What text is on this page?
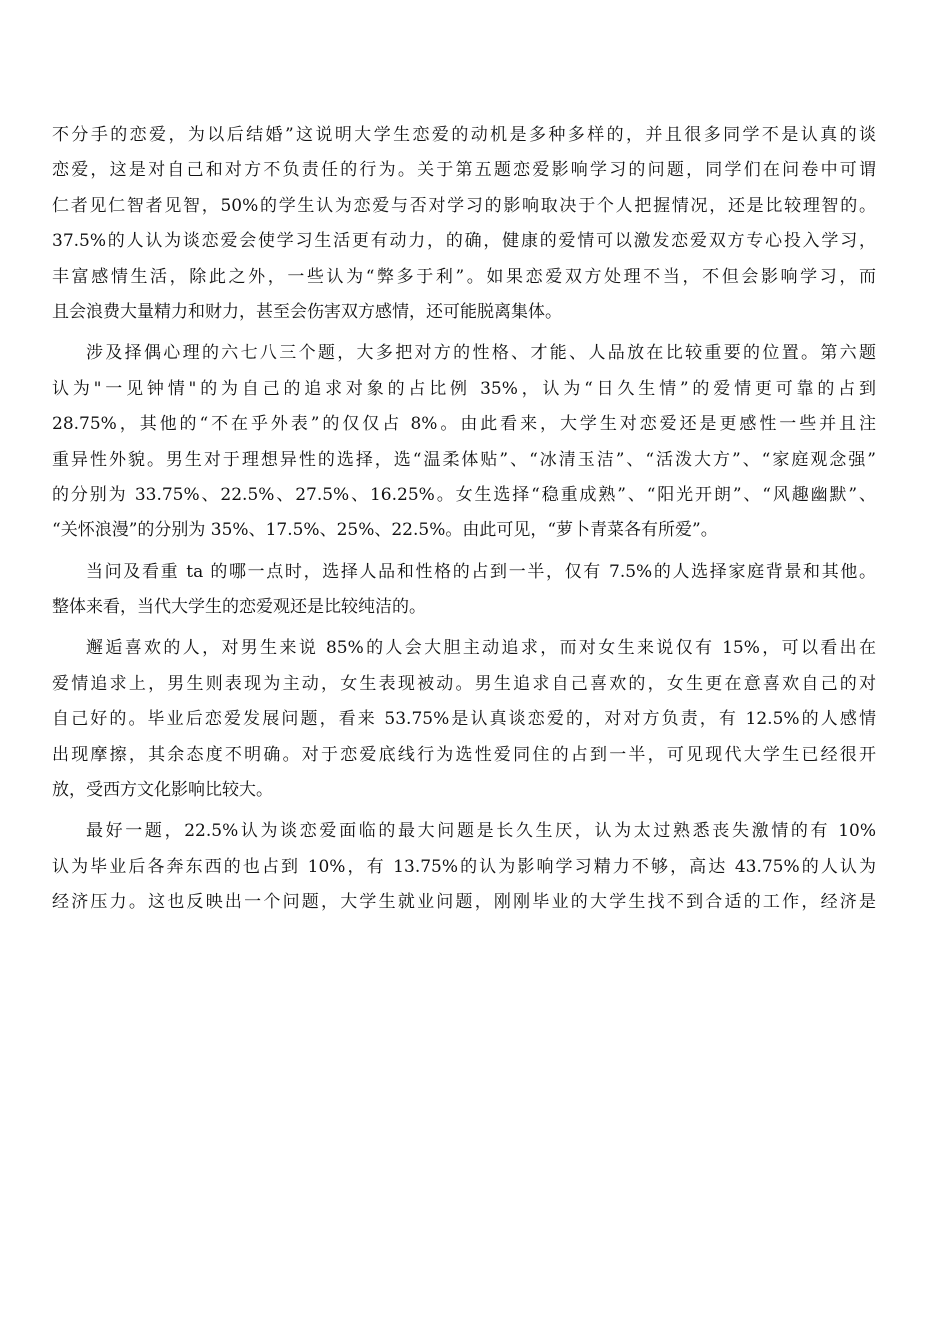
不分手的恋爱，为以后结婚”这说明大学生恋爱的动机是多种多样的，并且很多同学不是认真的谈
恋爱，这是对自己和对方不负责任的行为。关于第五题恋爱影响学习的问题，同学们在问卷中可谓
仁者见仁智者见智，50%的学生认为恋爱与否对学习的影响取决于个人把握情况，还是比较理智的。
37.5%的人认为谈恋爱会使学习生活更有动力，的确，健康的爱情可以激发恋爱双方专心投入学习，
丰富感情生活，除此之外，一些认为“弊多于利”。如果恋爱双方处理不当，不但会影响学习，而
且会浪费大量精力和财力，甚至会伤害双方感情，还可能脱离集体。
涉及择偶心理的六七八三个题，大多把对方的性格、才能、人品放在比较重要的位置。第六题
认为"一见钟情"的为自己的追求对象的占比例 35%，认为“日久生情”的爱情更可靠的占到
28.75%，其他的“不在乎外表”的仅仅占 8%。由此看来，大学生对恋爱还是更感性一些并且注
重异性外貌。男生对于理想异性的选择，选“温柔体贴”、“冰清玉洁”、“活泼大方”、“家庭观念强”
的分别为 33.75%、22.5%、27.5%、16.25%。女生选择“稳重成熟”、“阳光开朗”、“风趣幽默”、
“关怀浪漫”的分别为 35%、17.5%、25%、22.5%。由此可见，“萝卜青菜各有所爱”。
当问及看重 ta 的哪一点时，选择人品和性格的占到一半，仅有 7.5%的人选择家庭背景和其他。
整体来看，当代大学生的恋爱观还是比较纯洁的。
邂逅喜欢的人，对男生来说 85%的人会大胆主动追求，而对女生来说仅有 15%，可以看出在
爱情追求上，男生则表现为主动，女生表现被动。男生追求自己喜欢的，女生更在意喜欢自己的对
自己好的。毕业后恋爱发展问题，看来 53.75%是认真谈恋爱的，对对方负责，有 12.5%的人感情
出现摩擦，其余态度不明确。对于恋爱底线行为选性爱同住的占到一半，可见现代大学生已经很开
放，受西方文化影响比较大。
最好一题，22.5%认为谈恋爱面临的最大问题是长久生厌，认为太过熟悉丧失激情的有 10%
认为毕业后各奔东西的也占到 10%，有 13.75%的认为影响学习精力不够，高达 43.75%的人认为
经济压力。这也反映出一个问题，大学生就业问题，刚刚毕业的大学生找不到合适的工作，经济是
